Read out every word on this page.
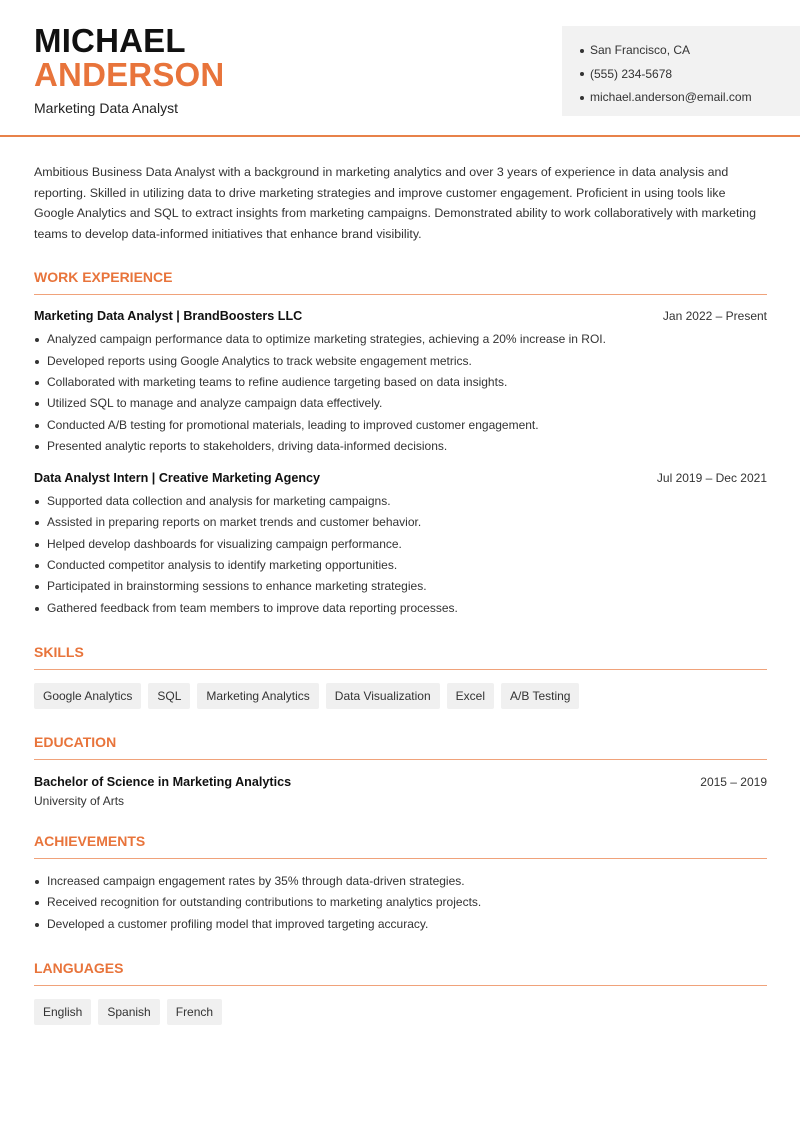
MICHAEL
ANDERSON
Marketing Data Analyst
San Francisco, CA
(555) 234-5678
michael.anderson@email.com

Ambitious Business Data Analyst with a background in marketing analytics and over 3 years of experience in data analysis and reporting. Skilled in utilizing data to drive marketing strategies and improve customer engagement. Proficient in using tools like Google Analytics and SQL to extract insights from marketing campaigns. Demonstrated ability to work collaboratively with marketing teams to develop data-informed initiatives that enhance brand visibility.

WORK EXPERIENCE
Marketing Data Analyst | BrandBoosters LLC	Jan 2022 – Present
Analyzed campaign performance data to optimize marketing strategies, achieving a 20% increase in ROI.
Developed reports using Google Analytics to track website engagement metrics.
Collaborated with marketing teams to refine audience targeting based on data insights.
Utilized SQL to manage and analyze campaign data effectively.
Conducted A/B testing for promotional materials, leading to improved customer engagement.
Presented analytic reports to stakeholders, driving data-informed decisions.
Data Analyst Intern | Creative Marketing Agency	Jul 2019 – Dec 2021
Supported data collection and analysis for marketing campaigns.
Assisted in preparing reports on market trends and customer behavior.
Helped develop dashboards for visualizing campaign performance.
Conducted competitor analysis to identify marketing opportunities.
Participated in brainstorming sessions to enhance marketing strategies.
Gathered feedback from team members to improve data reporting processes.
SKILLS
Google Analytics	SQL	Marketing Analytics	Data Visualization	Excel	A/B Testing
EDUCATION
Bachelor of Science in Marketing Analytics	2015 – 2019
University of Arts
ACHIEVEMENTS
Increased campaign engagement rates by 35% through data-driven strategies.
Received recognition for outstanding contributions to marketing analytics projects.
Developed a customer profiling model that improved targeting accuracy.
LANGUAGES
English	Spanish	French
